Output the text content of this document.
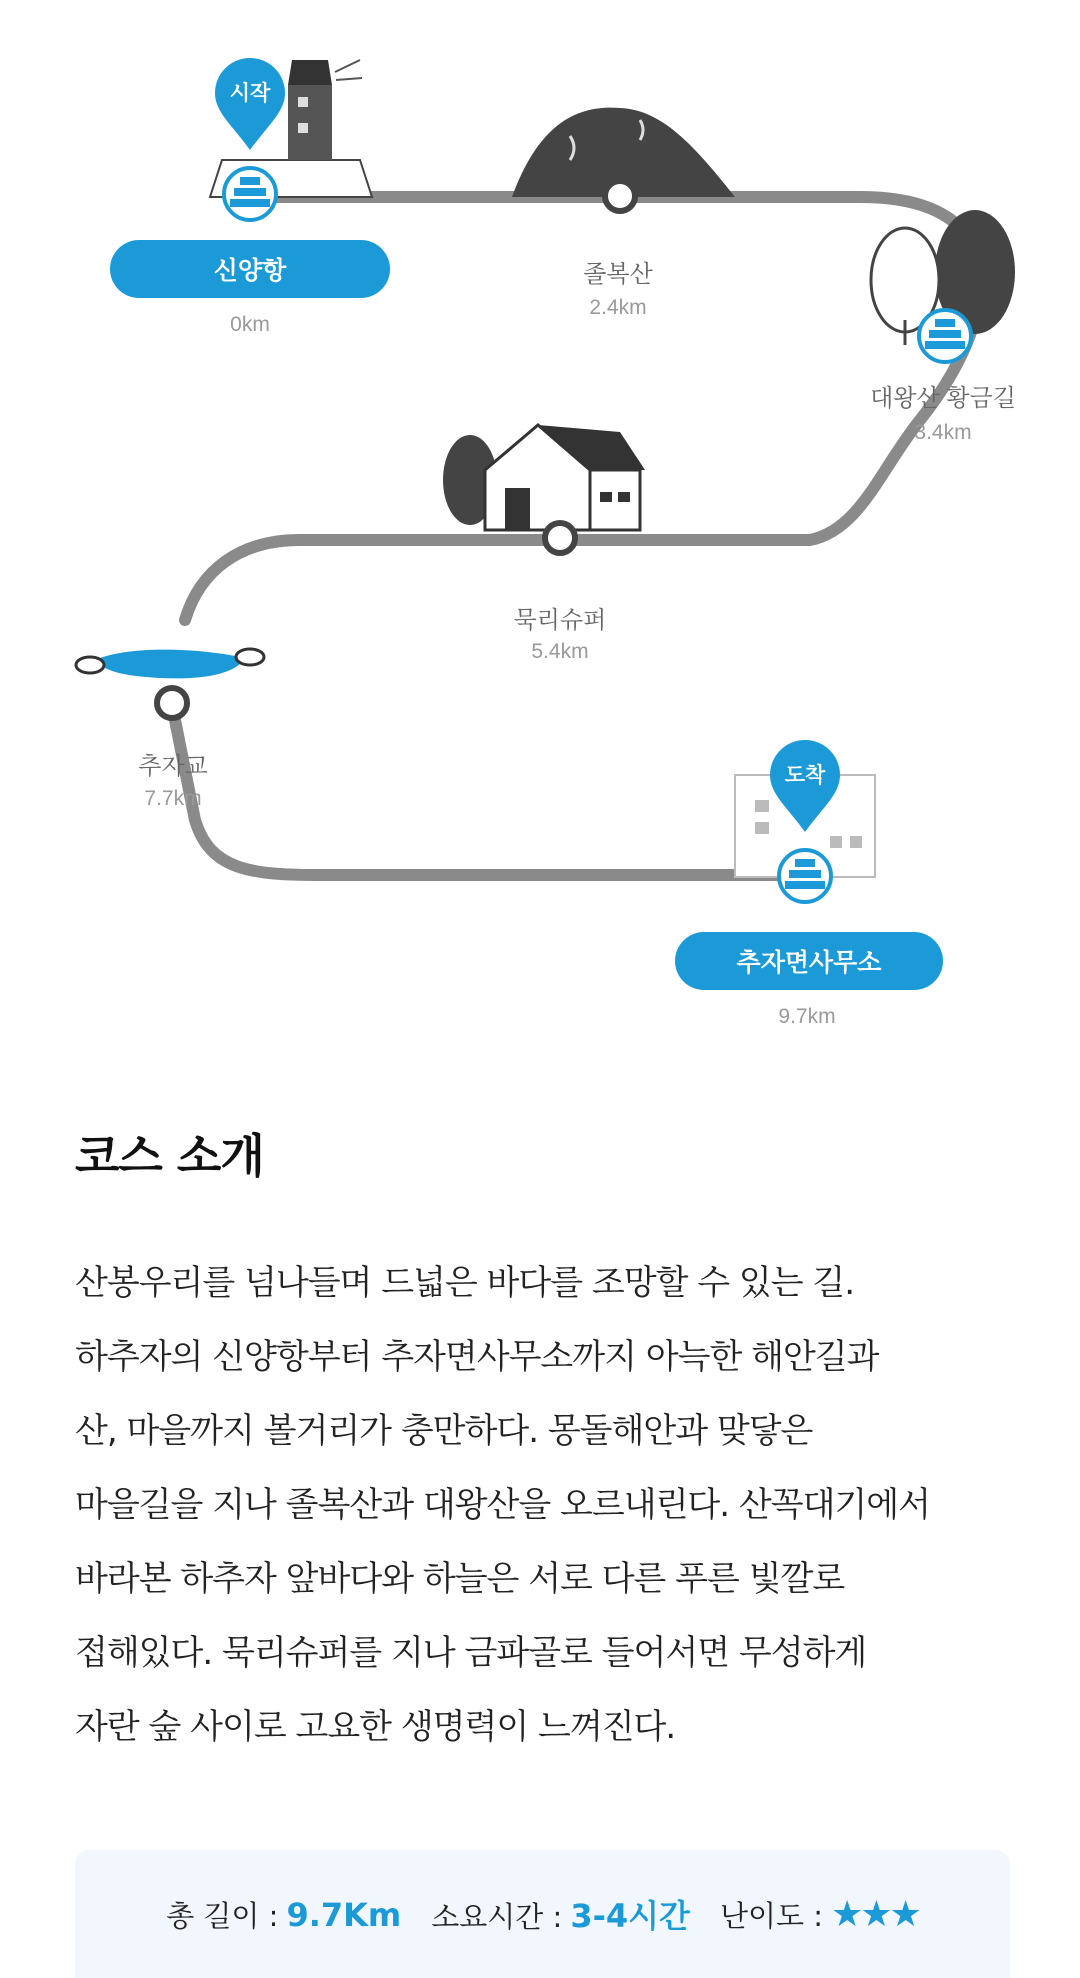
시작
도착
신양항
0km
졸복산
2.4km
대왕산 황금길
3.4km
묵리슈퍼
5.4km
추자교
7.7km
추자면사무소
9.7km
코스 소개
산봉우리를 넘나들며 드넓은 바다를 조망할 수 있는 길.
하추자의 신양항부터 추자면사무소까지 아늑한 해안길과
산, 마을까지 볼거리가 충만하다. 몽돌해안과 맞닿은
마을길을 지나 졸복산과 대왕산을 오르내린다. 산꼭대기에서
바라본 하추자 앞바다와 하늘은 서로 다른 푸른 빛깔로
접해있다. 묵리슈퍼를 지나 금파골로 들어서면 무성하게
자란 숲 사이로 고요한 생명력이 느껴진다.
총 길이 : 9.7Km 소요시간 : 3-4시간 난이도 : ★★★
